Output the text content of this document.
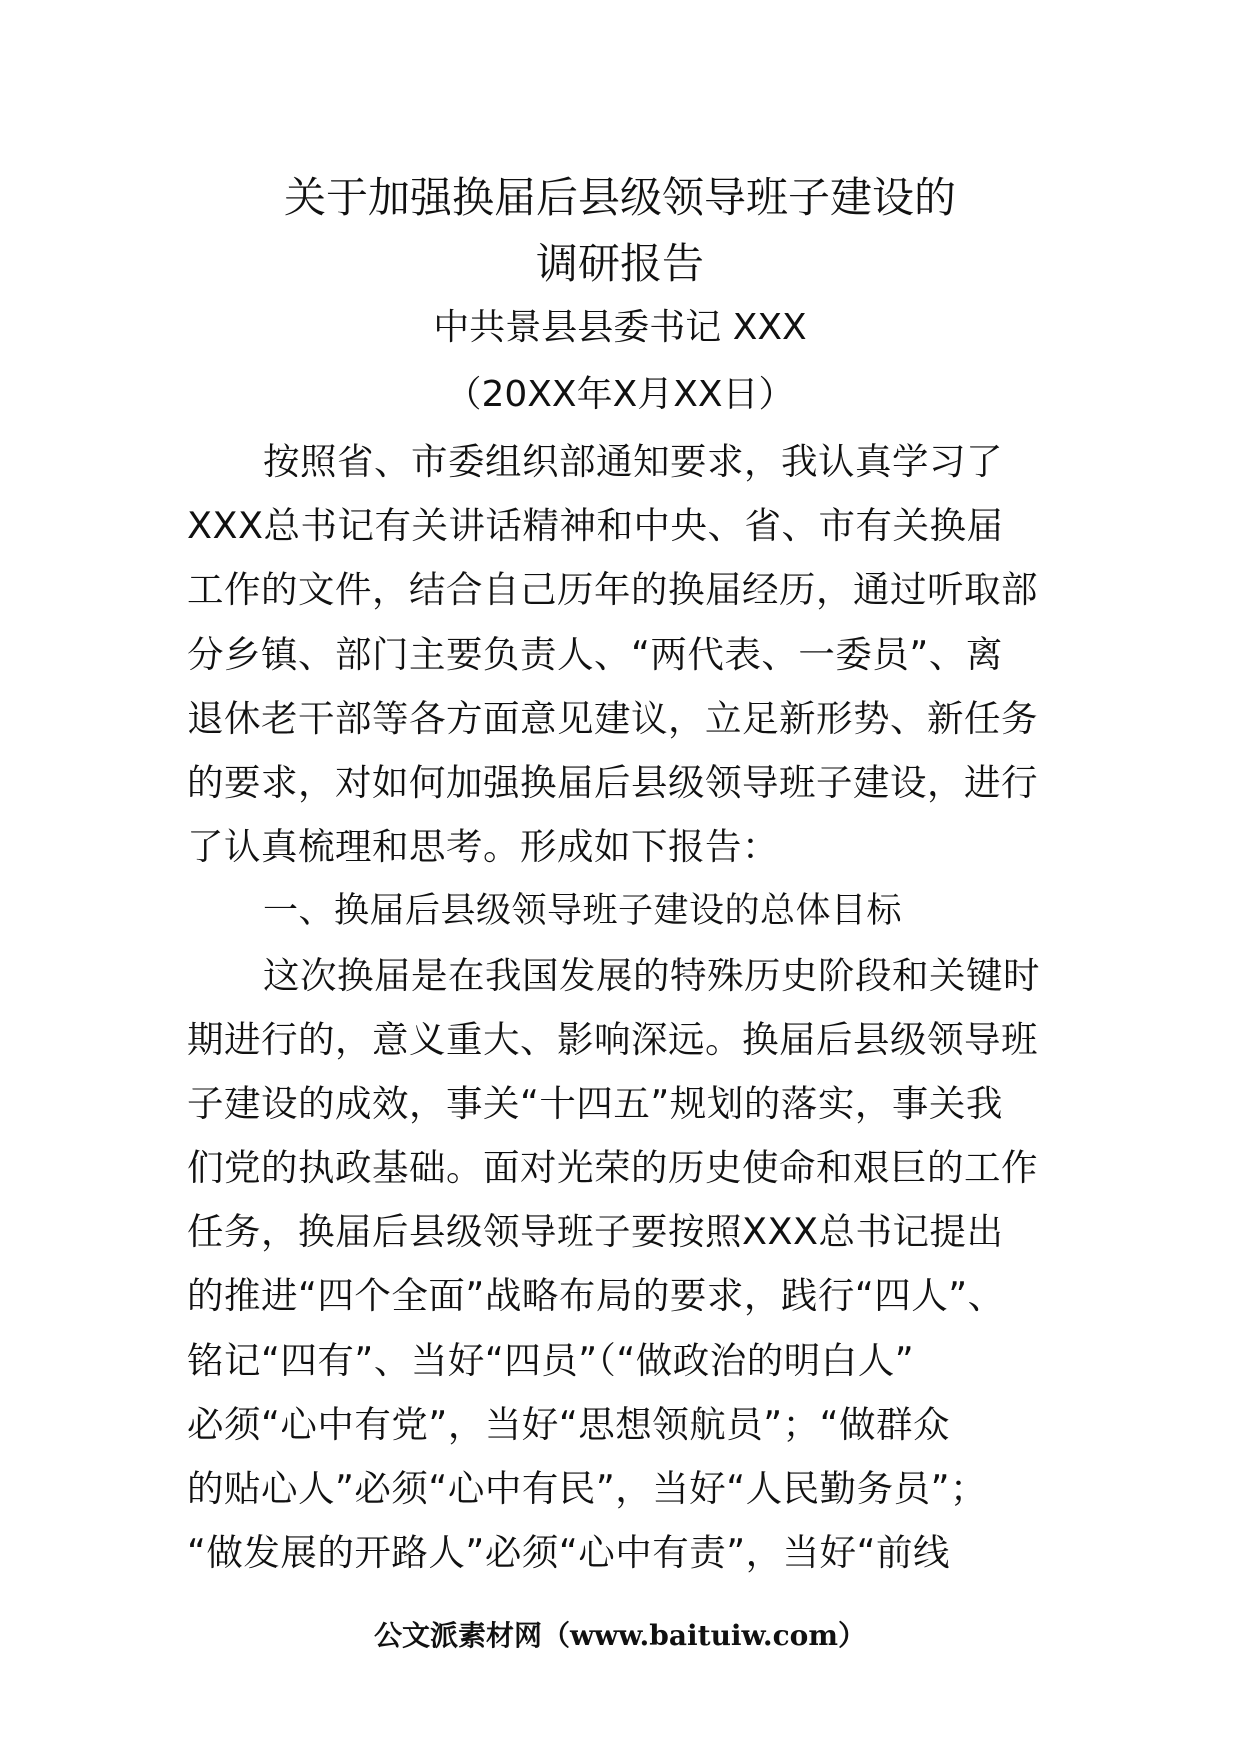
关于加强换届后县级领导班子建设的
调研报告
中共景县县委书记 XXX
（20XX年X月XX日）
按照省、市委组织部通知要求，我认真学习了
XXX总书记有关讲话精神和中央、省、市有关换届
工作的文件，结合自己历年的换届经历，通过听取部
分乡镇、部门主要负责人、“两代表、一委员”、离
退休老干部等各方面意见建议，立足新形势、新任务
的要求，对如何加强换届后县级领导班子建设，进行
了认真梳理和思考。形成如下报告：
一、换届后县级领导班子建设的总体目标
这次换届是在我国发展的特殊历史阶段和关键时
期进行的，意义重大、影响深远。换届后县级领导班
子建设的成效，事关“十四五”规划的落实，事关我
们党的执政基础。面对光荣的历史使命和艰巨的工作
任务，换届后县级领导班子要按照XXX总书记提出
的推进“四个全面”战略布局的要求，践行“四人”、
铭记“四有”、当好“四员”（“做政治的明白人”
必须“心中有党”，当好“思想领航员”；“做群众
的贴心人”必须“心中有民”，当好“人民勤务员”；
“做发展的开路人”必须“心中有责”，当好“前线
公文派素材网（www.baituiw.com）
